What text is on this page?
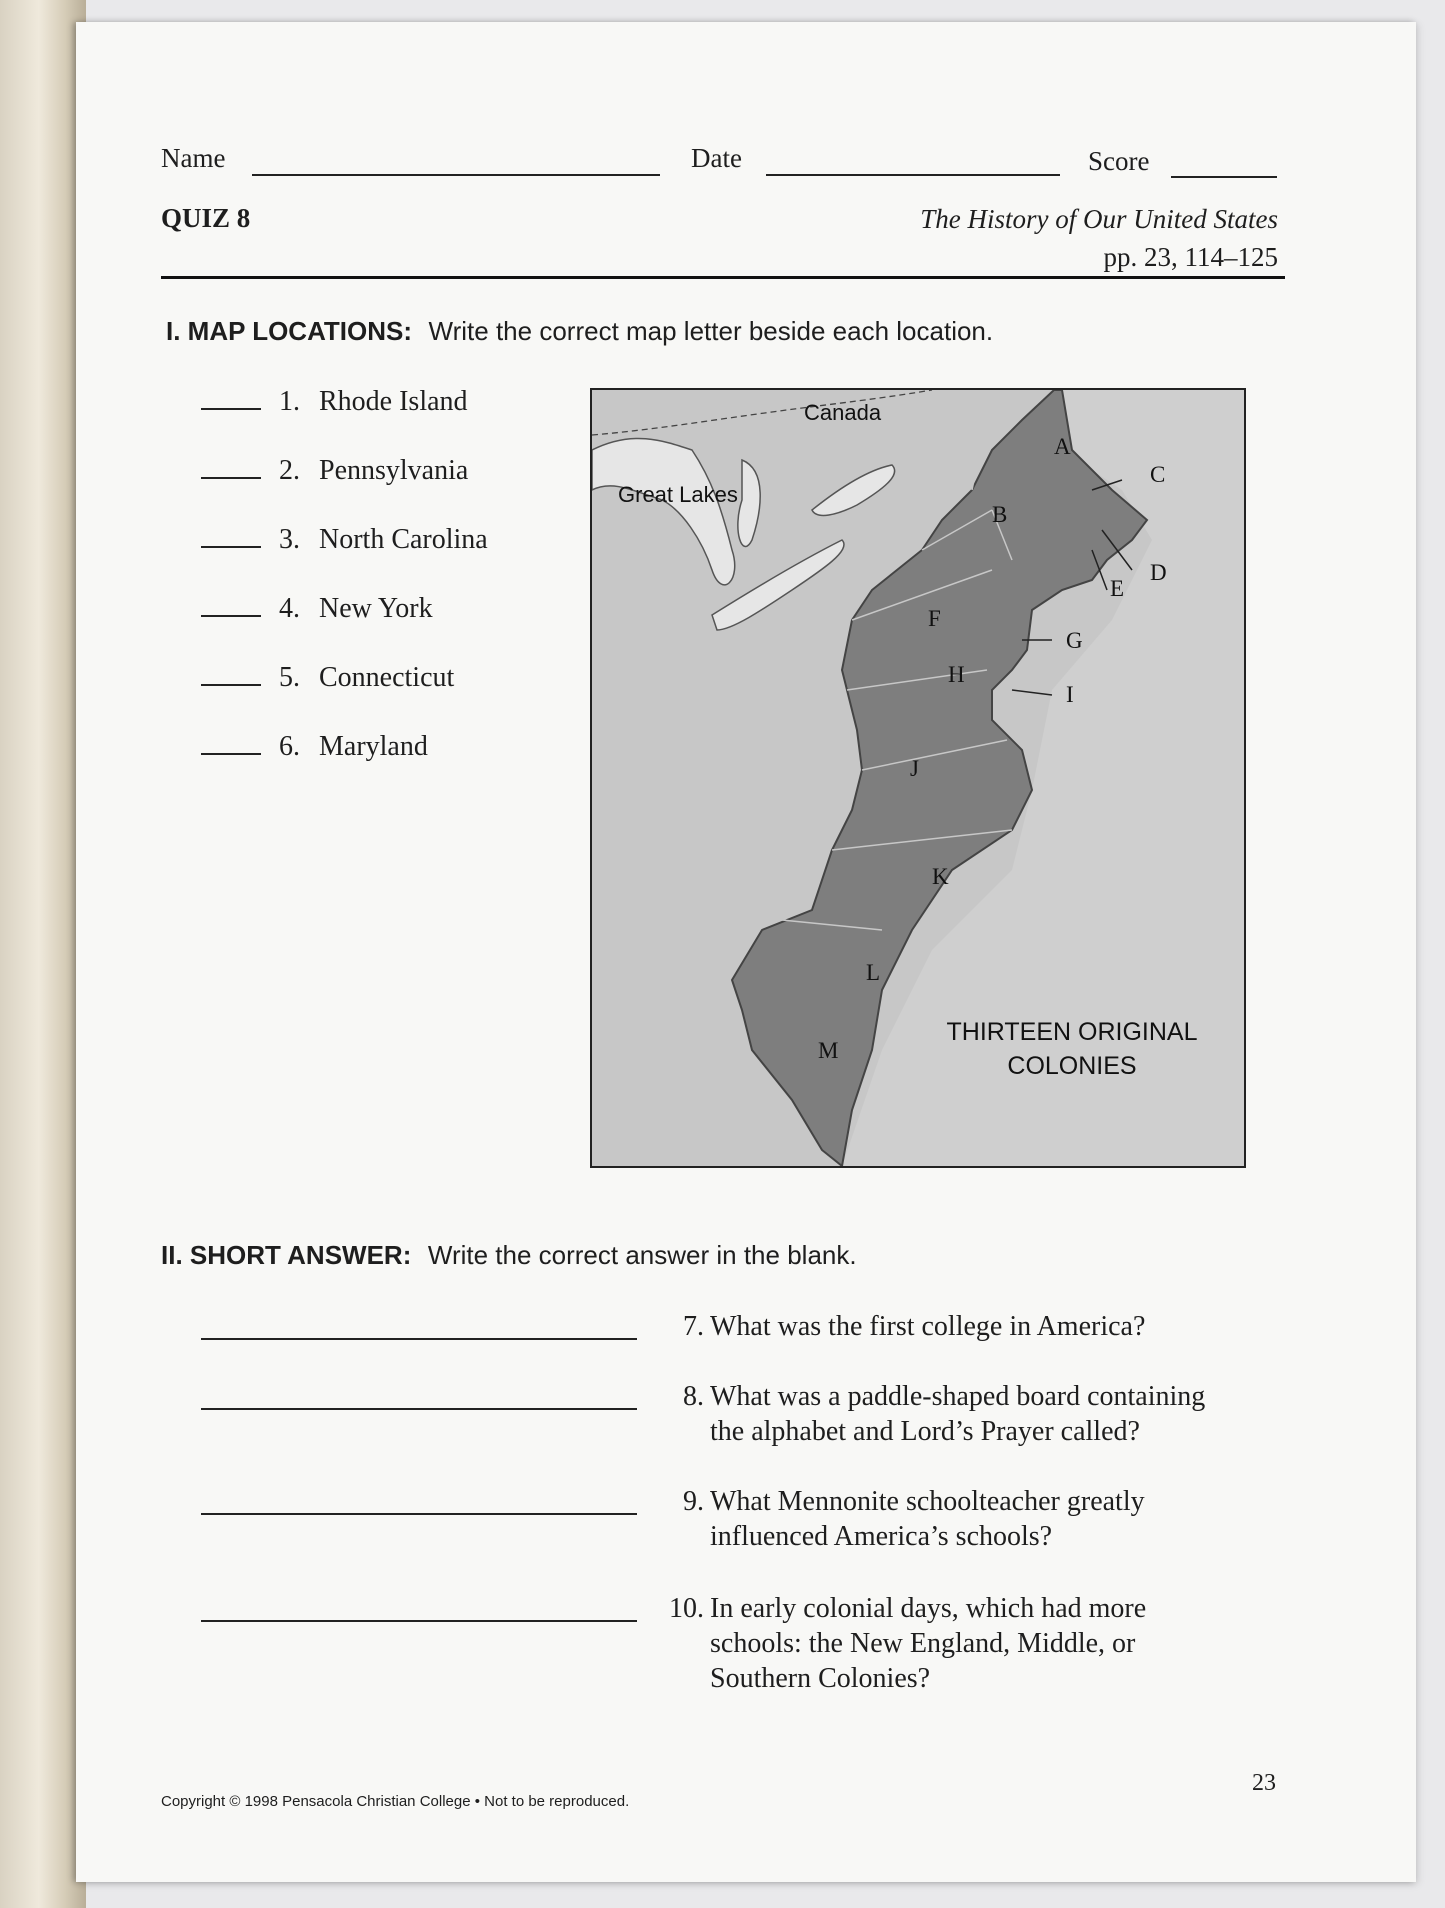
Name	Date	Score
QUIZ 8	The History of Our United States
pp. 23, 114–125
I. MAP LOCATIONS: Write the correct map letter beside each location.
1. Rhode Island
2. Pennsylvania
3. North Carolina
4. New York
5. Connecticut
6. Maryland
Canada
Great Lakes
A
B
C
D
E
F
G
H
I
J
K
L
M
THIRTEEN ORIGINAL
COLONIES
II. SHORT ANSWER: Write the correct answer in the blank.
7. What was the first college in America?
8. What was a paddle-shaped board containing
the alphabet and Lord’s Prayer called?
9. What Mennonite schoolteacher greatly
influenced America’s schools?
10. In early colonial days, which had more
schools: the New England, Middle, or
Southern Colonies?
Copyright © 1998 Pensacola Christian College • Not to be reproduced.
23
